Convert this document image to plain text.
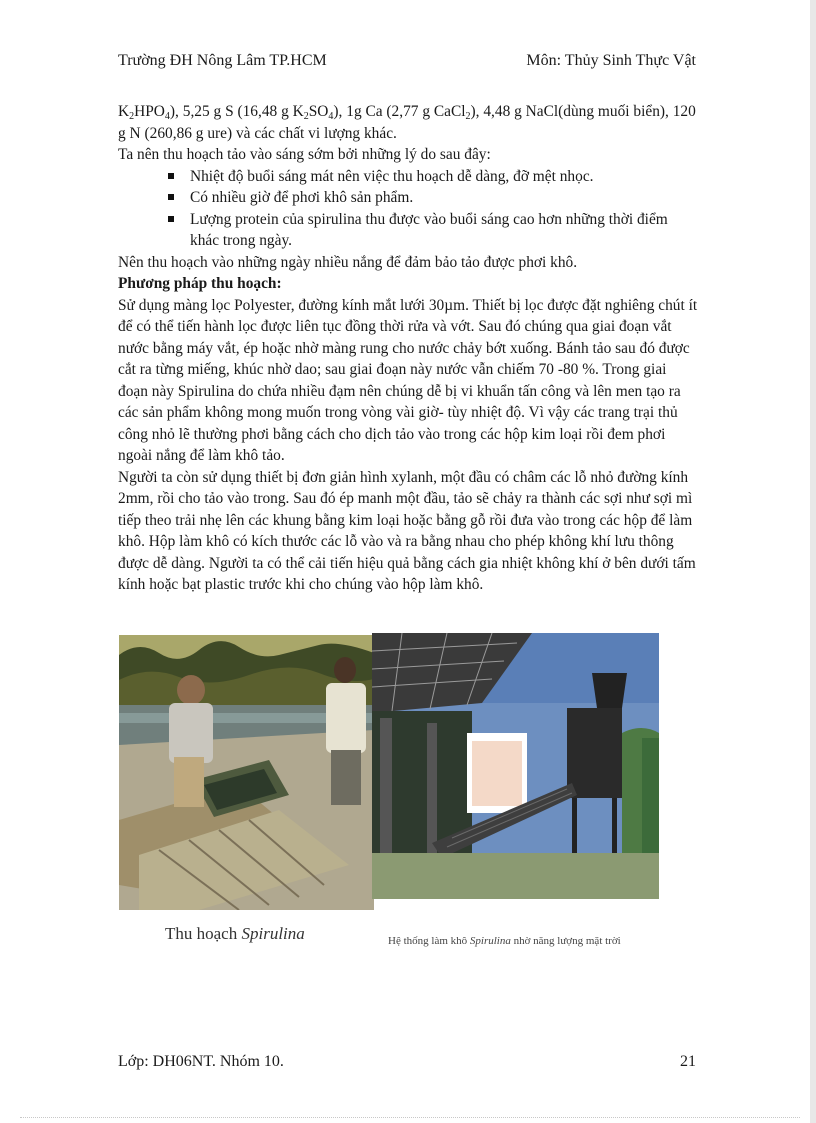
Trường ĐH Nông Lâm TP.HCM	Môn: Thủy Sinh Thực Vật

$K_2HPO_4$), 5,25 g S (16,48 g $K_2SO_4$), 1g Ca (2,77 g CaCl$_2$), 4,48 g NaCl(dùng muối biển), 120 g N (260,86 g ure) và các chất vi lượng khác.

Ta nên thu hoạch tảo vào sáng sớm bởi những lý do sau đây:

Nhiệt độ buổi sáng mát nên việc thu hoạch dễ dàng, đỡ mệt nhọc.
Có nhiều giờ để phơi khô sản phẩm.
Lượng protein của spirulina thu được vào buổi sáng cao hơn những thời điểm khác trong ngày.

Nên thu hoạch vào những ngày nhiều nắng để đảm bảo tảo được phơi khô.

Phương pháp thu hoạch:

Sử dụng màng lọc Polyester, đường kính mắt lưới 30µm. Thiết bị lọc được đặt nghiêng chút ít để có thể tiến hành lọc được liên tục đồng thời rửa và vớt. Sau đó chúng qua giai đoạn vắt nước bằng máy vắt, ép hoặc nhờ màng rung cho nước chảy bớt xuống. Bánh tảo sau đó được cắt ra từng miếng, khúc nhờ dao; sau giai đoạn này nước vẫn chiếm 70 -80 %. Trong giai đoạn này Spirulina do chứa nhiều đạm nên chúng dễ bị vi khuẩn tấn công và lên men tạo ra các sản phẩm không mong muốn trong vòng vài giờ- tùy nhiệt độ. Vì vậy các trang trại thủ công nhỏ lẽ thường phơi bằng cách cho dịch tảo vào trong các hộp kim loại rồi đem phơi ngoài nắng để làm khô tảo.

Người ta còn sử dụng thiết bị đơn giản hình xylanh, một đầu có châm các lỗ nhỏ đường kính 2mm, rồi cho tảo vào trong. Sau đó ép manh một đầu, tảo sẽ chảy ra thành các sợi như sợi mì tiếp theo trải nhẹ lên các khung bằng kim loại hoặc bằng gỗ rồi đưa vào trong các hộp để làm khô. Hộp làm khô có kích thước các lỗ vào và ra bằng nhau cho phép không khí lưu thông được dễ dàng. Người ta có thể cải tiến hiệu quả bằng cách gia nhiệt không khí ở bên dưới tấm kính hoặc bạt plastic trước khi cho chúng vào hộp làm khô.

Thu hoạch Spirulina	Hệ thống làm khô Spirulina nhờ năng lượng mặt trời
Lớp: DH06NT. Nhóm 10.	21
